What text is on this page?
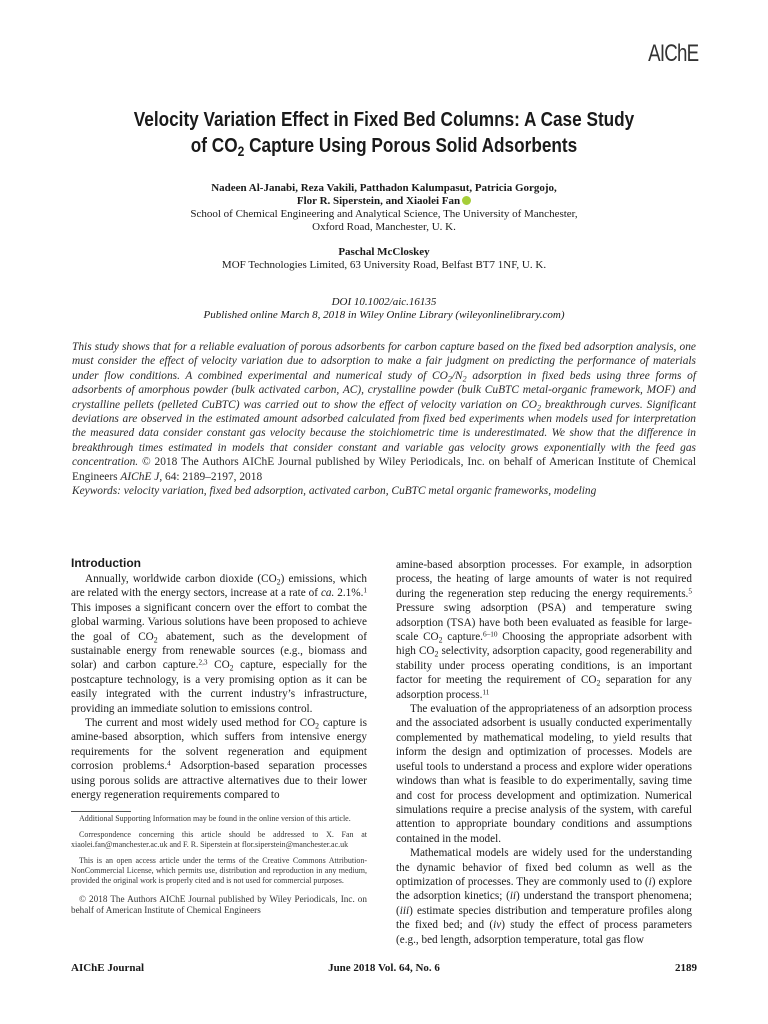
AIChE
Velocity Variation Effect in Fixed Bed Columns: A Case Study
of $CO_2$ Capture Using Porous Solid Adsorbents
Nadeen Al-Janabi, Reza Vakili, Patthadon Kalumpasut, Patricia Gorgojo,
Flor R. Siperstein, and Xiaolei Fan
School of Chemical Engineering and Analytical Science, The University of Manchester,
Oxford Road, Manchester, U. K.
Paschal McCloskey
MOF Technologies Limited, 63 University Road, Belfast BT7 1NF, U. K.
DOI 10.1002/aic.16135
Published online March 8, 2018 in Wiley Online Library (wileyonlinelibrary.com)
This study shows that for a reliable evaluation of porous adsorbents for carbon capture based on the fixed bed adsorption analysis, one must consider the effect of velocity variation due to adsorption to make a fair judgment on predicting the performance of materials under flow conditions. A combined experimental and numerical study of $CO_2/N_2$ adsorption in fixed beds using three forms of adsorbents of amorphous powder (bulk activated carbon, AC), crystalline powder (bulk CuBTC metal-organic framework, MOF) and crystalline pellets (pelleted CuBTC) was carried out to show the effect of velocity variation on $CO_2$ breakthrough curves. Significant deviations are observed in the estimated amount adsorbed calculated from fixed bed experiments when models used for interpretation the measured data consider constant gas velocity because the stoichiometric time is underestimated. We show that the difference in breakthrough times estimated in models that consider constant and variable gas velocity grows exponentially with the feed gas concentration. © 2018 The Authors AIChE Journal published by Wiley Periodicals, Inc. on behalf of American Institute of Chemical Engineers AIChE J, 64: 2189–2197, 2018
Keywords: velocity variation, fixed bed adsorption, activated carbon, CuBTC metal organic frameworks, modeling
Introduction

Annually, worldwide carbon dioxide $(CO_2)$ emissions, which are related with the energy sectors, increase at a rate of ca. 2.1%.$^1$ This imposes a significant concern over the effort to combat the global warming. Various solutions have been proposed to achieve the goal of $CO_2$ abatement, such as the development of sustainable energy from renewable sources (e.g., biomass and solar) and carbon capture.$^{2,3}$ $CO_2$ capture, especially for the postcapture technology, is a very promising option as it can be easily integrated with the current industry’s infrastructure, providing an immediate solution to emissions control.

The current and most widely used method for $CO_2$ capture is amine-based absorption, which suffers from intensive energy requirements for the solvent regeneration and equipment corrosion problems.$^4$ Adsorption-based separation processes using porous solids are attractive alternatives due to their lower energy regeneration requirements compared to

Additional Supporting Information may be found in the online version of this article.

Correspondence concerning this article should be addressed to X. Fan at xiaolei.fan@manchester.ac.uk and F. R. Siperstein at flor.siperstein@manchester.ac.uk

This is an open access article under the terms of the Creative Commons Attribution-NonCommercial License, which permits use, distribution and reproduction in any medium, provided the original work is properly cited and is not used for commercial purposes.

© 2018 The Authors AIChE Journal published by Wiley Periodicals, Inc. on behalf of American Institute of Chemical Engineers

amine-based absorption processes. For example, in adsorption process, the heating of large amounts of water is not required during the regeneration step reducing the energy requirements.$^5$ Pressure swing adsorption (PSA) and temperature swing adsorption (TSA) have both been evaluated as feasible for large-scale $CO_2$ capture.$^{6-10}$ Choosing the appropriate adsorbent with high $CO_2$ selectivity, adsorption capacity, good regenerability and stability under process operating conditions, is an important factor for meeting the requirement of $CO_2$ separation for any adsorption process.$^{11}$

The evaluation of the appropriateness of an adsorption process and the associated adsorbent is usually conducted experimentally complemented by mathematical modeling, to yield results that inform the design and optimization of processes. Models are useful tools to understand a process and explore wider operations windows than what is feasible to do experimentally, saving time and cost for process development and optimization. Numerical simulations require a precise analysis of the system, with careful attention to appropriate boundary conditions and assumptions contained in the model.

Mathematical models are widely used for the understanding the dynamic behavior of fixed bed column as well as the optimization of processes. They are commonly used to (i) explore the adsorption kinetics; (ii) understand the transport phenomena; (iii) estimate species distribution and temperature profiles along the fixed bed; and (iv) study the effect of process parameters (e.g., bed length, adsorption temperature, total gas flow

AIChE Journal	June 2018 Vol. 64, No. 6	2189
